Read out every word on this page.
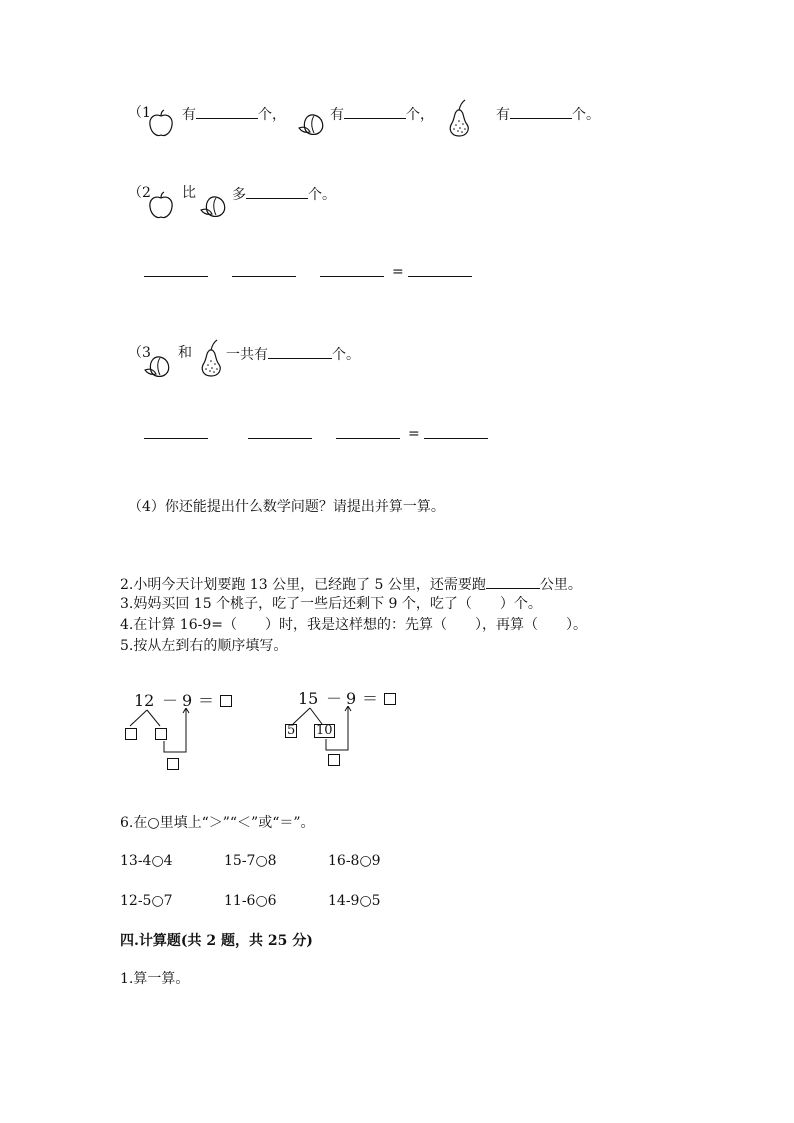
（1 有	个，	有	个，	有	个。
（2 比	多	个。
=
（3 和 一共有	个。
=
（4）你还能提出什么数学问题？请提出并算一算。
2.小明今天计划要跑 13 公里，已经跑了 5 公里，还需要跑	公里。
3.妈妈买回 15 个桃子，吃了一些后还剩下 9 个，吃了（　　）个。
4.在计算 16-9=（　　）时，我是这样想的：先算（　　），再算（　　）。
5.按从左到右的顺序填写。
12 － 9 ＝	15 － 9 ＝
5 10
6.在○里填上“＞”“＜”或“＝”。
13-4○4	15-7○8	16-8○9
12-5○7	11-6○6	14-9○5
四.计算题(共 2 题，共 25 分)
1.算一算。
